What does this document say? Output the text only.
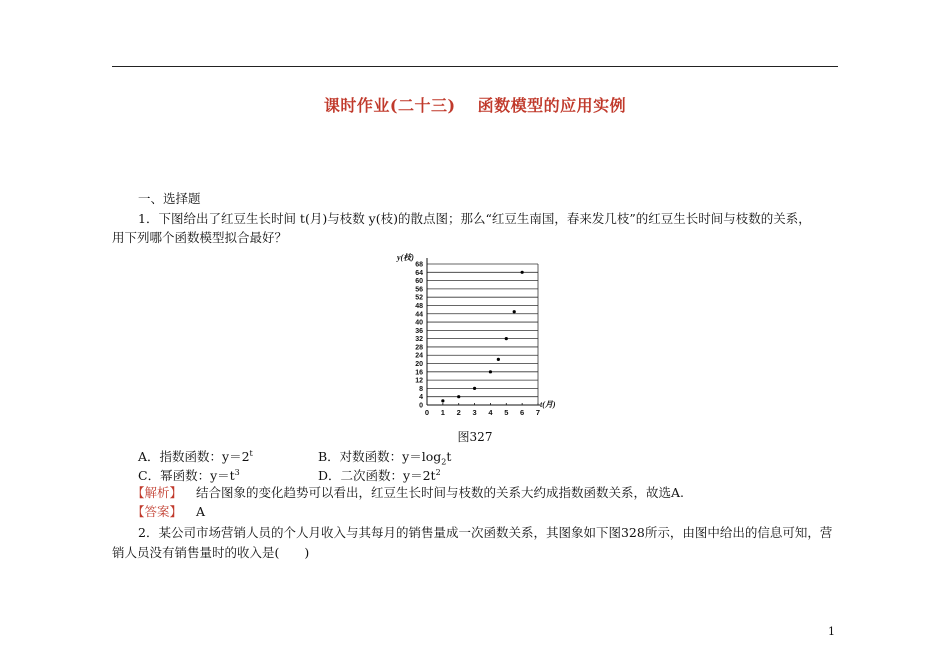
课时作业(二十三) 函数模型的应用实例
一、选择题
1．下图给出了红豆生长时间 t(月)与枝数 y(枝)的散点图；那么“红豆生南国，春来发几枝”的红豆生长时间与枝数的关系，
用下列哪个函数模型拟合最好？
0
4
8
12
16
20
24
28
32
36
40
44
48
52
56
60
64
68
0 1 2 3 4 5 6 7
y(枝)
t(月)
图327
A．指数函数：$y=2^t$	B．对数函数：$y=\log_2t$
C．幂函数：$y=t^3$	D．二次函数：$y=2t^2$
【解析】 结合图象的变化趋势可以看出，红豆生长时间与枝数的关系大约成指数函数关系，故选A.
【答案】 A
2．某公司市场营销人员的个人月收入与其每月的销售量成一次函数关系，其图象如下图328所示，由图中给出的信息可知，营
销人员没有销售量时的收入是(　　)
1
